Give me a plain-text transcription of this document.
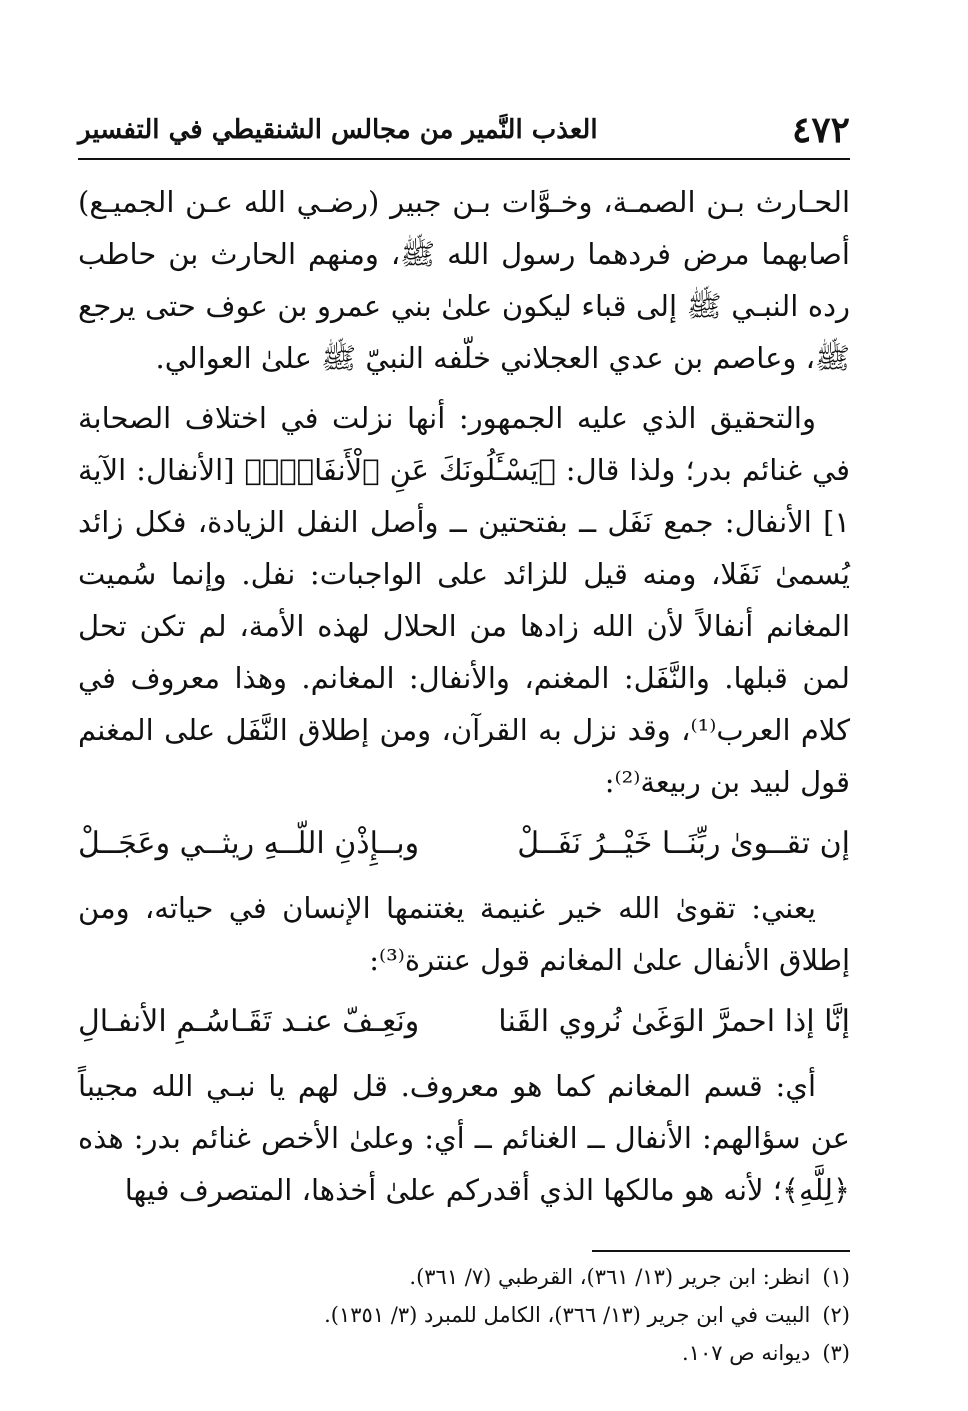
٤٧٢
العذب النَّمير من مجالس الشنقيطي في التفسير

الحـارث بـن الصمـة، وخـوَّات بـن جبير (رضـي الله عـن الجميـع) أصابهما مرض فردهما رسول الله ﷺ، ومنهم الحارث بن حاطب رده النبـي ﷺ إلى قباء ليكون علىٰ بني عمرو بن عوف حتى يرجع ﷺ، وعاصم بن عدي العجلاني خلّفه النبيّ ﷺ علىٰ العوالي.

والتحقيق الذي عليه الجمهور: أنها نزلت في اختلاف الصحابة في غنائم بدر؛ ولذا قال: ﴿يَسْـَٔلُونَكَ عَنِ ٱلْأَنفَالِۖ﴾ [الأنفال: الآية ١] الأنفال: جمع نَفَل ــ بفتحتين ــ وأصل النفل الزيادة، فكل زائد يُسمىٰ نَفَلا، ومنه قيل للزائد على الواجبات: نفل. وإنما سُميت المغانم أنفالاً لأن الله زادها من الحلال لهذه الأمة، لم تكن تحل لمن قبلها. والنَّفَل: المغنم، والأنفال: المغانم. وهذا معروف في كلام العرب⁽¹⁾، وقد نزل به القرآن، ومن إطلاق النَّفَل على المغنم قول لبيد بن ربيعة⁽²⁾:

إن تقــوىٰ ربِّنَــا خَيْــرُ نَفَــلْ
وبــإِذْنِ اللّــهِ ريثــي وعَجَــلْ

يعني: تقوىٰ الله خير غنيمة يغتنمها الإنسان في حياته، ومن إطلاق الأنفال علىٰ المغانم قول عنترة⁽³⁾:

إنَّا إذا احمرَّ الوَغَىٰ نُروي القَنا
ونَعِـفّ عنـد تَقَـاسُـمِ الأنفـالِ

أي: قسم المغانم كما هو معروف. قل لهم يا نبـي الله مجيباً عن سؤالهم: الأنفال ــ الغنائم ــ أي: وعلىٰ الأخص غنائم بدر: هذه ﴿لِلَّهِ﴾؛ لأنه هو مالكها الذي أقدركم علىٰ أخذها، المتصرف فيها

(١)
انظر: ابن جرير (١٣/ ٣٦١)، القرطبي (٧/ ٣٦١).
(٢)
البيت في ابن جرير (١٣/ ٣٦٦)، الكامل للمبرد (٣/ ١٣٥١).
(٣)
ديوانه ص ١٠٧.
